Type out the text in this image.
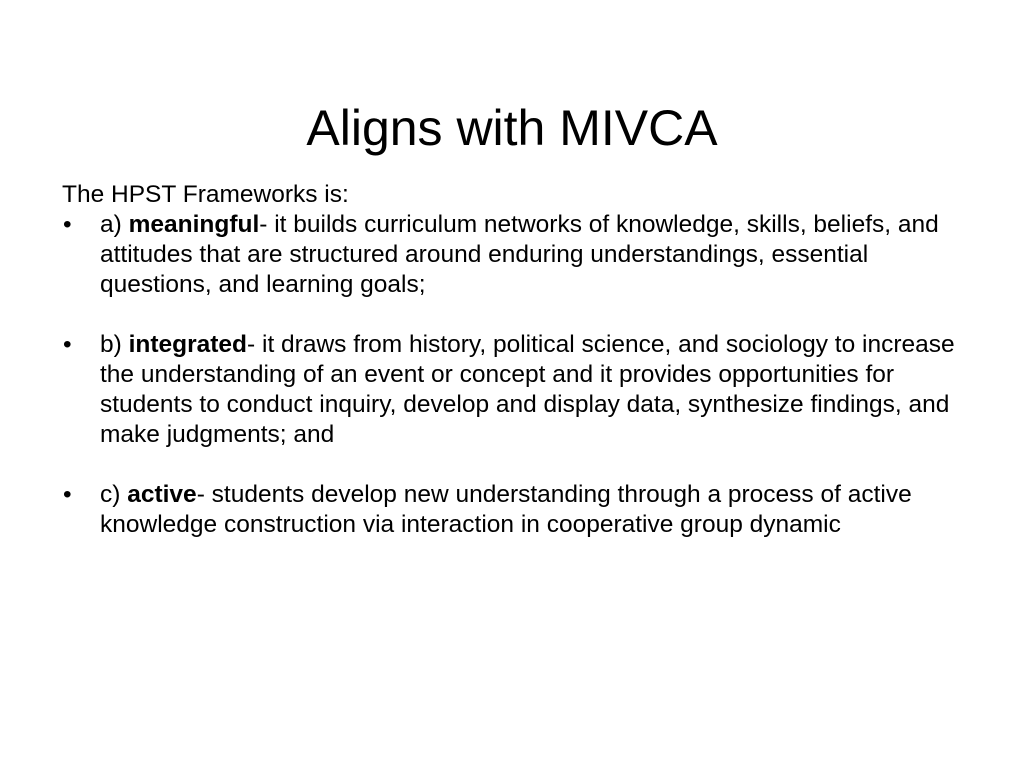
Aligns with MIVCA

The HPST Frameworks is:

•	a) meaningful- it builds curriculum networks of knowledge, skills, beliefs, and attitudes that are structured around enduring understandings, essential questions, and learning goals;
•	b) integrated- it draws from history, political science, and sociology to increase the understanding of an event or concept and it provides opportunities for students to conduct inquiry, develop and display data, synthesize findings, and make judgments; and
•	c) active- students develop new understanding through a process of active knowledge construction via interaction in cooperative group dynamic
